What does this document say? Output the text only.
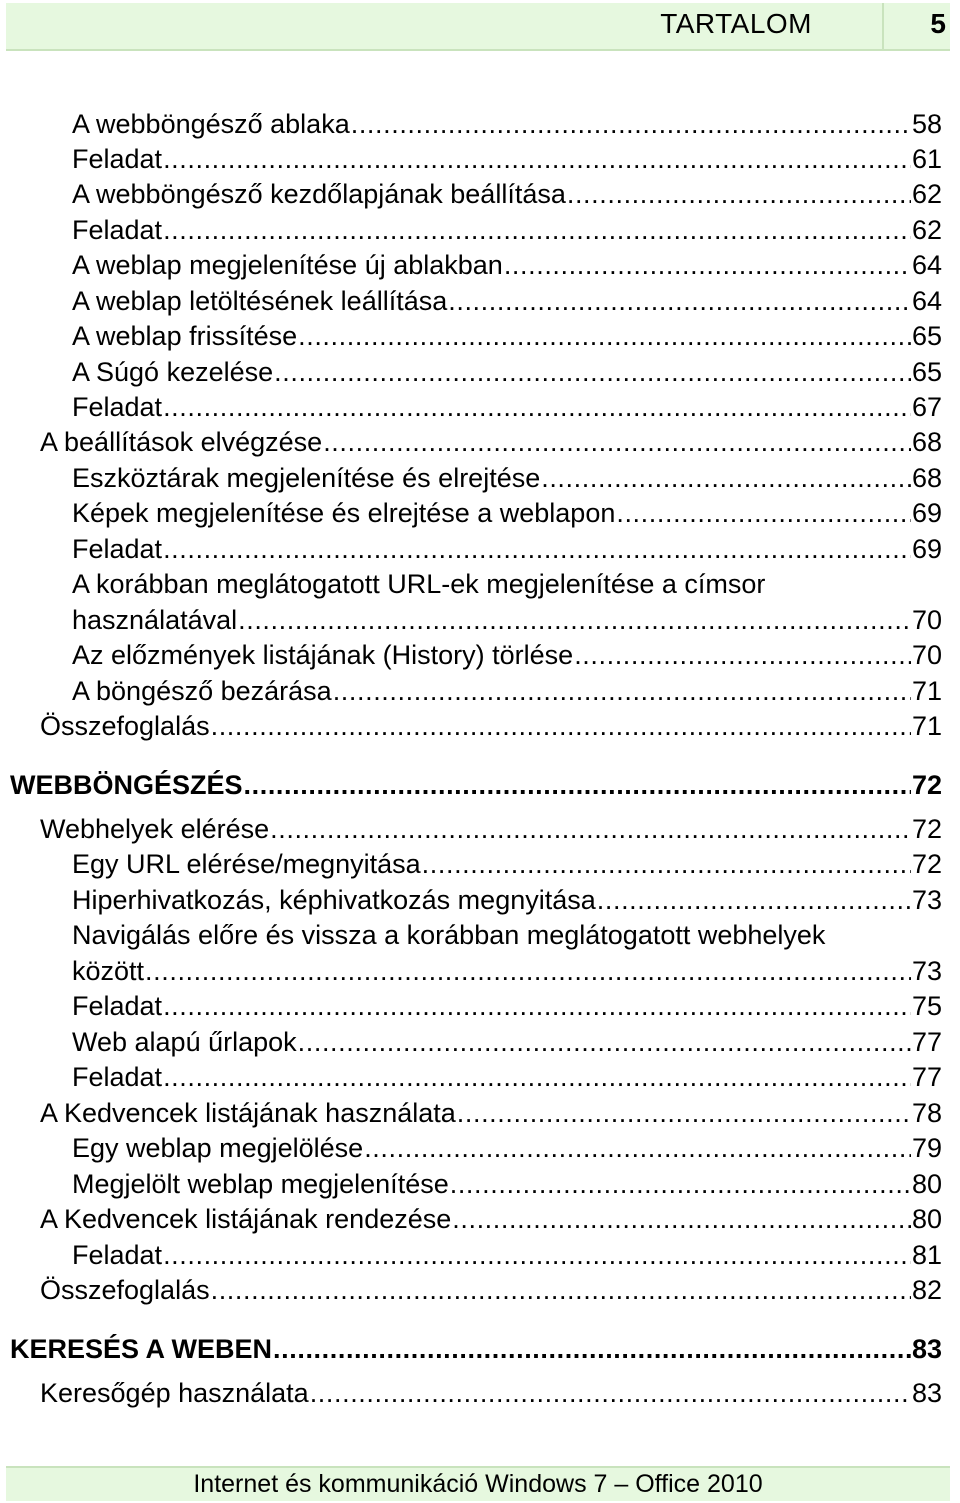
TARTALOM	5
A webböngésző ablaka .....	58
Feladat .....	61
A webböngésző kezdőlapjának beállítása .....	62
Feladat .....	62
A weblap megjelenítése új ablakban .....	64
A weblap letöltésének leállítása .....	64
A weblap frissítése .....	65
A Súgó kezelése .....	65
Feladat .....	67
A beállítások elvégzése .....	68
Eszköztárak megjelenítése és elrejtése .....	68
Képek megjelenítése és elrejtése a weblapon .....	69
Feladat .....	69
A korábban meglátogatott URL-ek megjelenítése a címsor
használatával .....	70
Az előzmények listájának (History) törlése .....	70
A böngésző bezárása .....	71
Összefoglalás .....	71
WEBBÖNGÉSZÉS .....	72
Webhelyek elérése .....	72
Egy URL elérése/megnyitása .....	72
Hiperhivatkozás, képhivatkozás megnyitása .....	73
Navigálás előre és vissza a korábban meglátogatott webhelyek
között .....	73
Feladat .....	75
Web alapú űrlapok .....	77
Feladat .....	77
A Kedvencek listájának használata .....	78
Egy weblap megjelölése .....	79
Megjelölt weblap megjelenítése .....	80
A Kedvencek listájának rendezése .....	80
Feladat .....	81
Összefoglalás .....	82
KERESÉS A WEBEN .....	83
Keresőgép használata .....	83
Internet és kommunikáció Windows 7 – Office 2010
